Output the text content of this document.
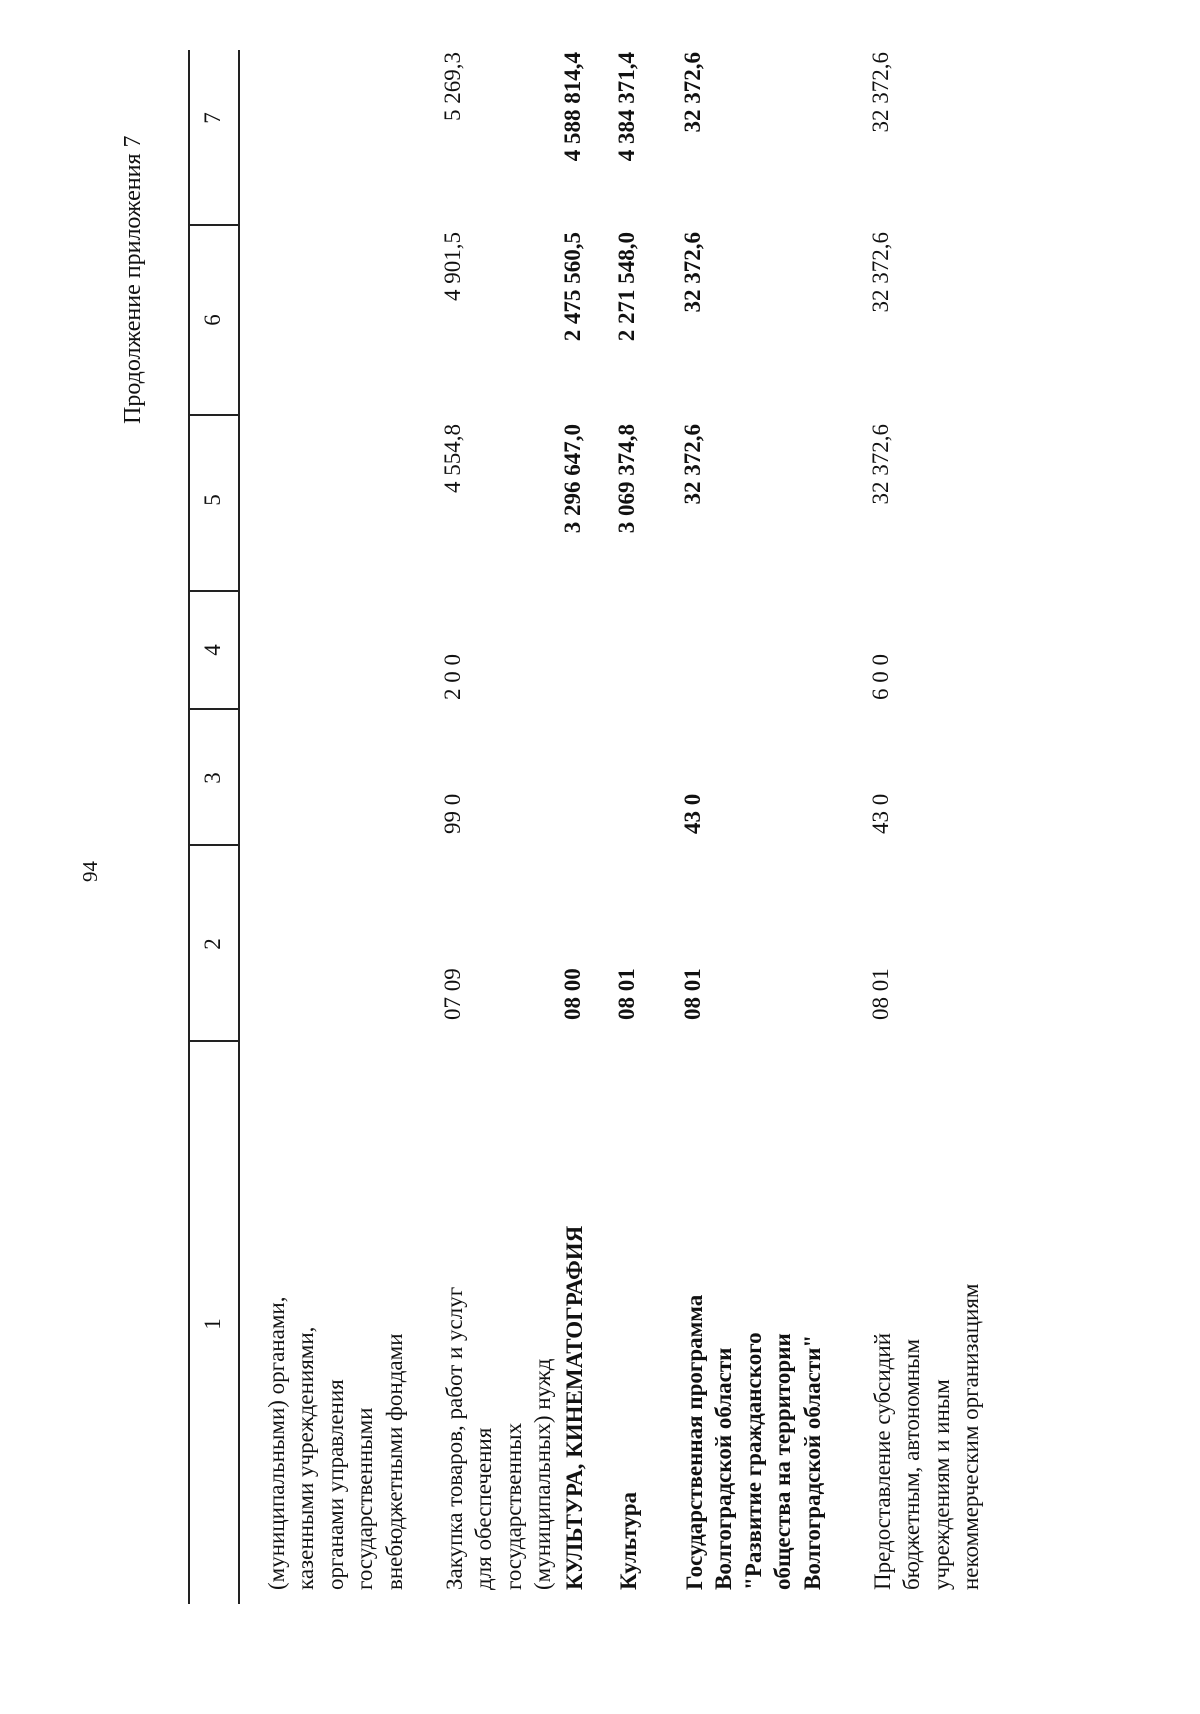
94
Продолжение приложения 7
1
2
3
4
5
6
7
(муниципальными) органами, казенными учреждениями, органами управления государственными внебюджетными фондами Закупка товаров, работ и услуг для обеспечения государственных (муниципальных) нужд
07 09
99 0
2 0 0
4 554,8
4 901,5
5 269,3
КУЛЬТУРА, КИНЕМАТОГРАФИЯ
08 00
3 296 647,0
2 475 560,5
4 588 814,4
Культура
08 01
3 069 374,8
2 271 548,0
4 384 371,4
Государственная программа Волгоградской области "Развитие гражданского общества на территории Волгоградской области"
08 01
43 0
32 372,6
32 372,6
32 372,6
Предоставление субсидий бюджетным, автономным учреждениям и иным некоммерческим организациям
08 01
43 0
6 0 0
32 372,6
32 372,6
32 372,6
